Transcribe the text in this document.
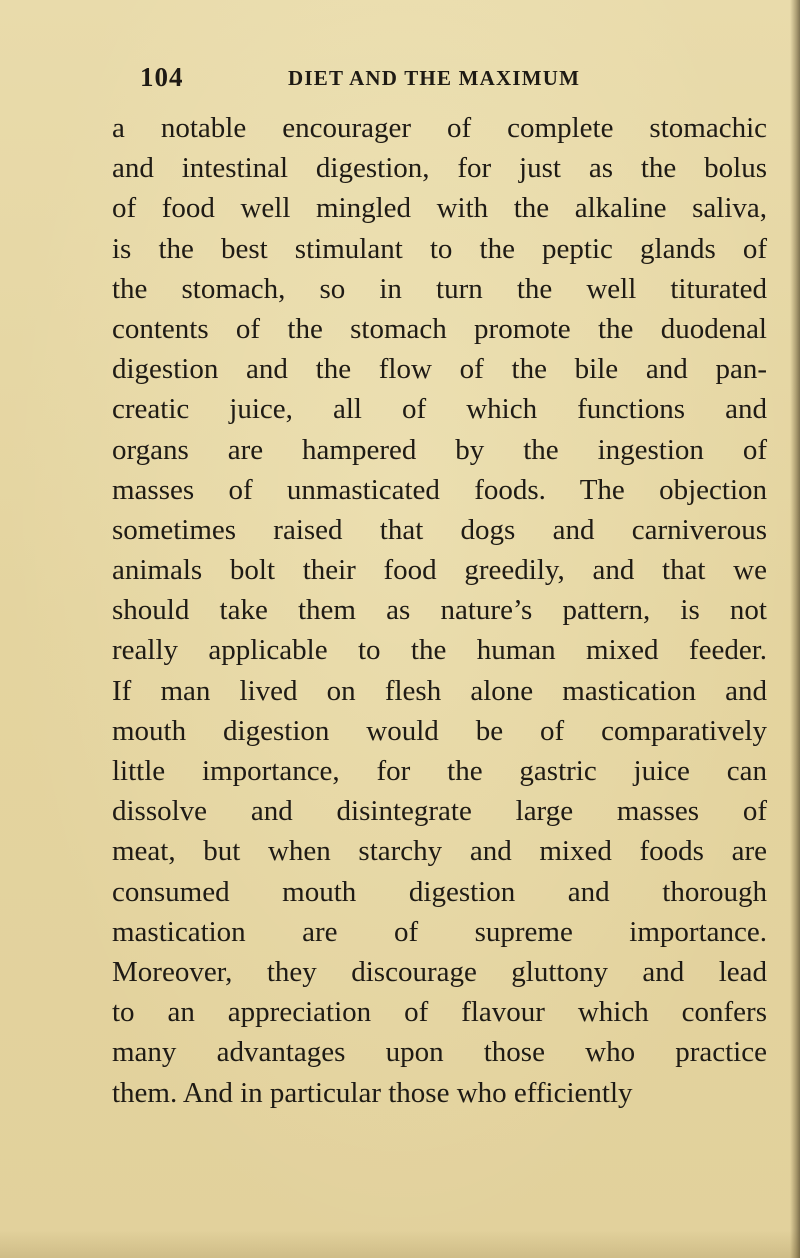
104	DIET AND THE MAXIMUM
a notable encourager of complete stomachic
and intestinal digestion, for just as the bolus
of food well mingled with the alkaline saliva,
is the best stimulant to the peptic glands of
the stomach, so in turn the well titurated
contents of the stomach promote the duodenal
digestion and the flow of the bile and pan-
creatic juice, all of which functions and
organs are hampered by the ingestion of
masses of unmasticated foods. The objection
sometimes raised that dogs and carniverous
animals bolt their food greedily, and that we
should take them as nature’s pattern, is not
really applicable to the human mixed feeder.
If man lived on flesh alone mastication and
mouth digestion would be of comparatively
little importance, for the gastric juice can
dissolve and disintegrate large masses of
meat, but when starchy and mixed foods are
consumed mouth digestion and thorough
mastication are of supreme importance.
Moreover, they discourage gluttony and lead
to an appreciation of flavour which confers
many advantages upon those who practice
them. And in particular those who efficiently
